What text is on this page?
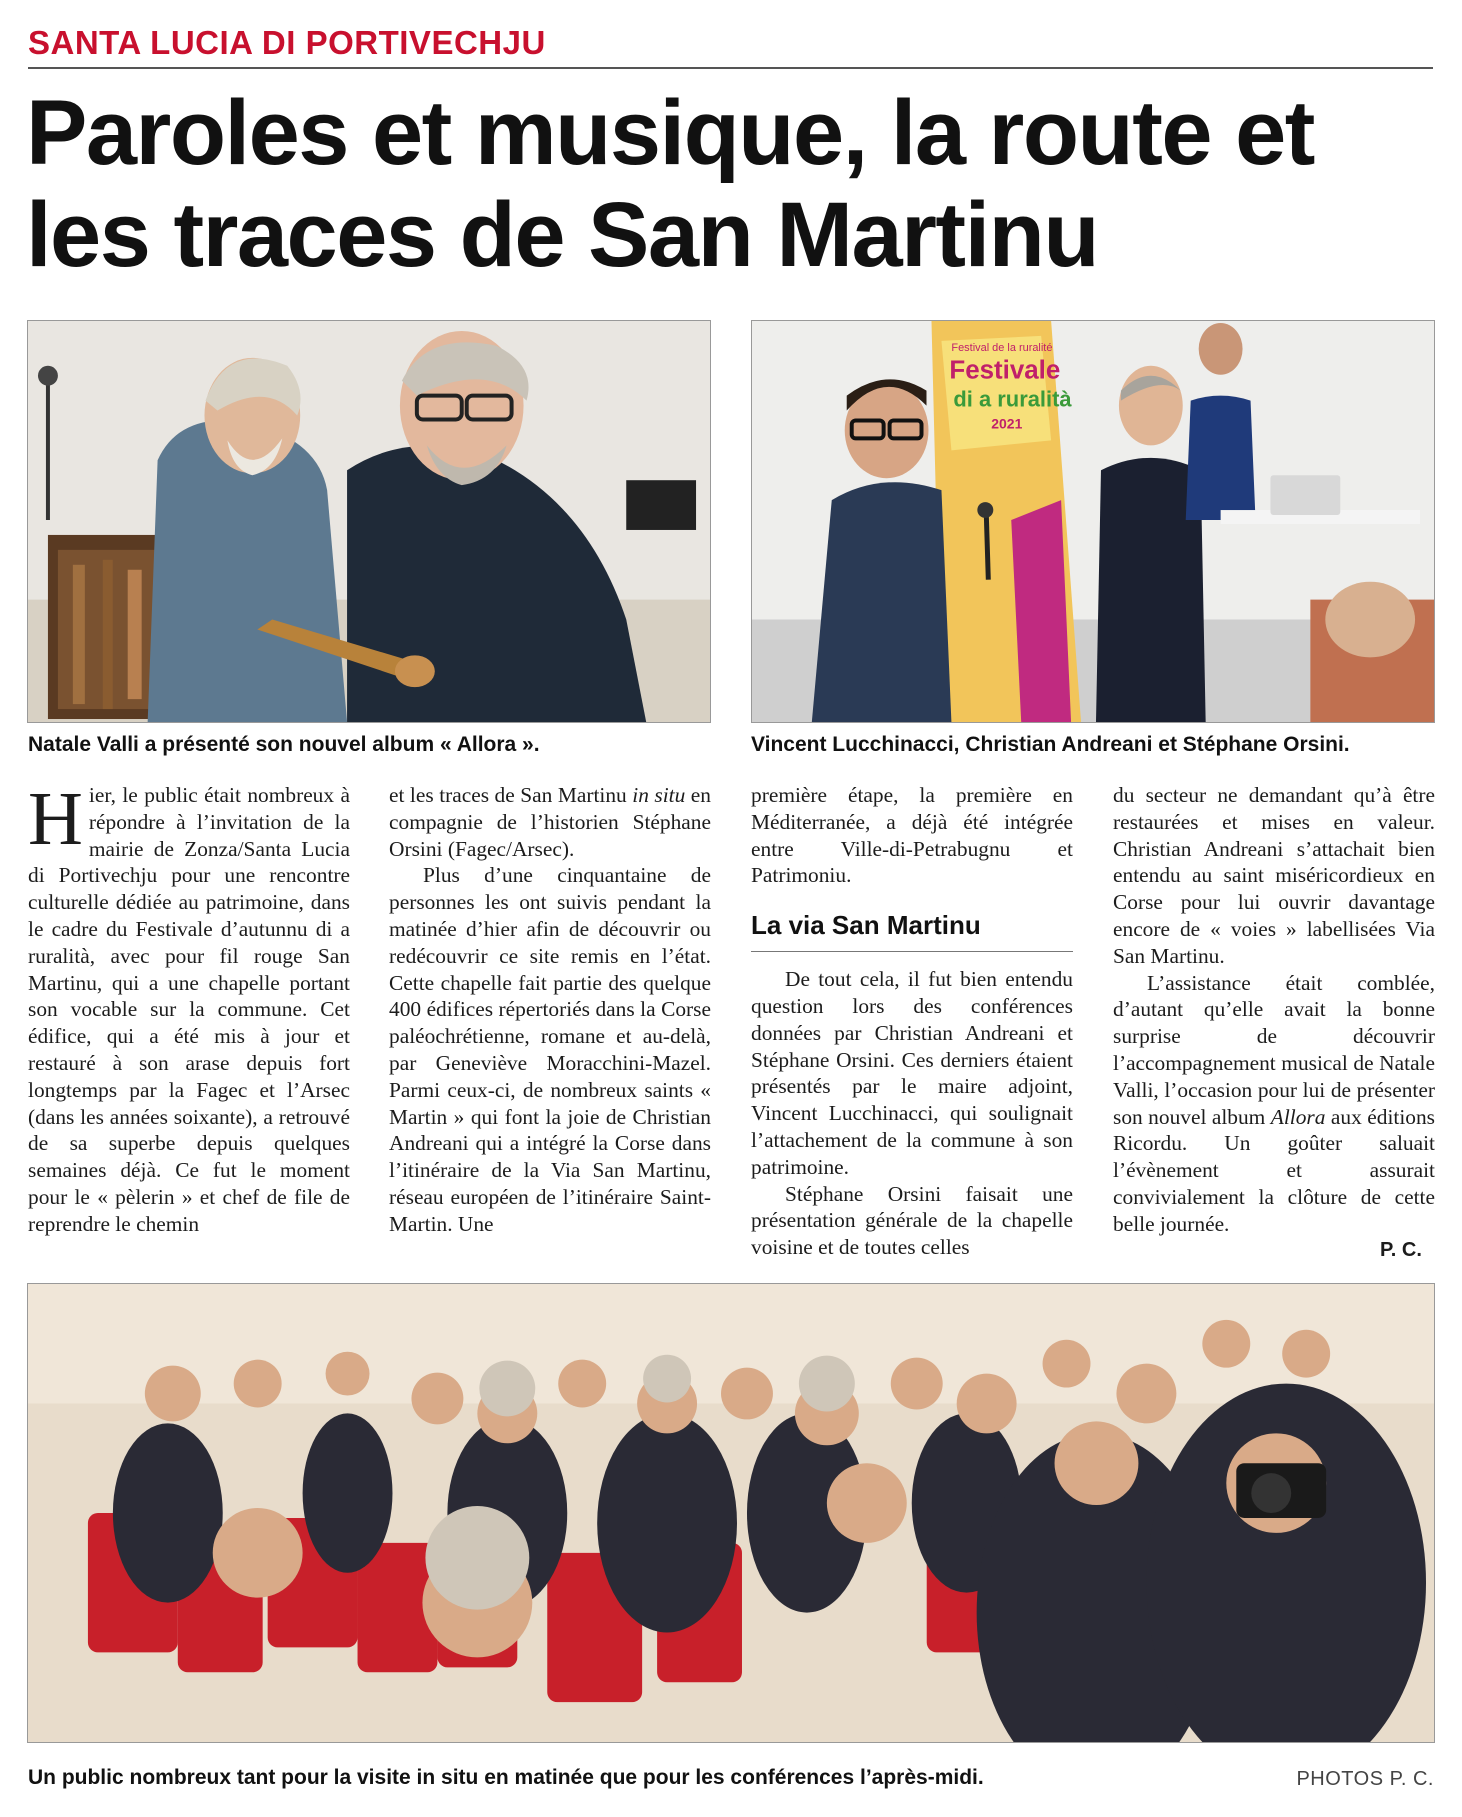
SANTA LUCIA DI PORTIVECHJU
Paroles et musique, la route et les traces de San Martinu
Natale Valli a présenté son nouvel album « Allora ».
Festival de la ruralité
Festivale
di a ruralità
2021
Vincent Lucchinacci, Christian Andreani et Stéphane Orsini.

Hier, le public était nombreux à répondre à l’invitation de la mairie de Zonza/Santa Lucia di Portivechju pour une rencontre culturelle dédiée au patrimoine, dans le cadre du Festivale d’autunnu di a ruralità, avec pour fil rouge San Martinu, qui a une chapelle portant son vocable sur la commune. Cet édifice, qui a été mis à jour et restauré à son arase depuis fort longtemps par la Fagec et l’Arsec (dans les années soixante), a retrouvé de sa superbe depuis quelques semaines déjà. Ce fut le moment pour le « pèlerin » et chef de file de reprendre le chemin

et les traces de San Martinu in situ en compagnie de l’historien Stéphane Orsini (Fagec/Arsec).

Plus d’une cinquantaine de personnes les ont suivis pendant la matinée d’hier afin de découvrir ou redécouvrir ce site remis en l’état. Cette chapelle fait partie des quelque 400 édifices répertoriés dans la Corse paléochrétienne, romane et au-delà, par Geneviève Moracchini-Mazel. Parmi ceux-ci, de nombreux saints « Martin » qui font la joie de Christian Andreani qui a intégré la Corse dans l’itinéraire de la Via San Martinu, réseau européen de l’itinéraire Saint-Martin. Une

première étape, la première en Méditerranée, a déjà été intégrée entre Ville-di-Petrabugnu et Patrimoniu.

La via San Martinu

De tout cela, il fut bien entendu question lors des conférences données par Christian Andreani et Stéphane Orsini. Ces derniers étaient présentés par le maire adjoint, Vincent Lucchinacci, qui soulignait l’attachement de la commune à son patrimoine.

Stéphane Orsini faisait une présentation générale de la chapelle voisine et de toutes celles

du secteur ne demandant qu’à être restaurées et mises en valeur. Christian Andreani s’attachait bien entendu au saint miséricordieux en Corse pour lui ouvrir davantage encore de « voies » labellisées Via San Martinu.

L’assistance était comblée, d’autant qu’elle avait la bonne surprise de découvrir l’accompagnement musical de Natale Valli, l’occasion pour lui de présenter son nouvel album Allora aux éditions Ricordu. Un goûter saluait l’évènement et assurait convivialement la clôture de cette belle journée.

P. C.
Un public nombreux tant pour la visite in situ en matinée que pour les conférences l’après-midi.	PHOTOS P. C.
